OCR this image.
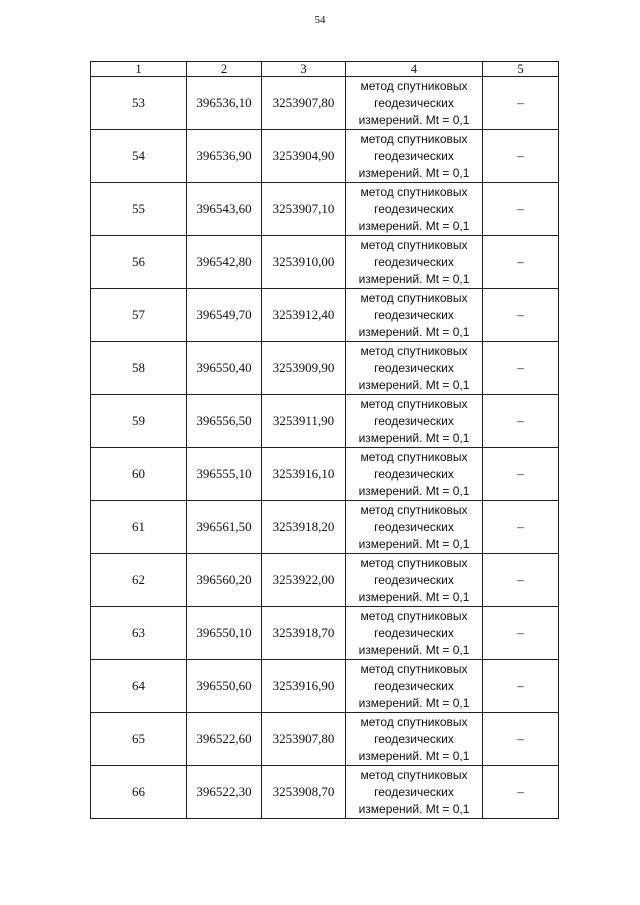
54
1	2	3	4	5
53	396536,10	3253907,80	метод спутниковых
геодезических
измерений. Mt = 0,1	–
54	396536,90	3253904,90	метод спутниковых
геодезических
измерений. Mt = 0,1	–
55	396543,60	3253907,10	метод спутниковых
геодезических
измерений. Mt = 0,1	–
56	396542,80	3253910,00	метод спутниковых
геодезических
измерений. Mt = 0,1	–
57	396549,70	3253912,40	метод спутниковых
геодезических
измерений. Mt = 0,1	–
58	396550,40	3253909,90	метод спутниковых
геодезических
измерений. Mt = 0,1	–
59	396556,50	3253911,90	метод спутниковых
геодезических
измерений. Mt = 0,1	–
60	396555,10	3253916,10	метод спутниковых
геодезических
измерений. Mt = 0,1	–
61	396561,50	3253918,20	метод спутниковых
геодезических
измерений. Mt = 0,1	–
62	396560,20	3253922,00	метод спутниковых
геодезических
измерений. Mt = 0,1	–
63	396550,10	3253918,70	метод спутниковых
геодезических
измерений. Mt = 0,1	–
64	396550,60	3253916,90	метод спутниковых
геодезических
измерений. Mt = 0,1	–
65	396522,60	3253907,80	метод спутниковых
геодезических
измерений. Mt = 0,1	–
66	396522,30	3253908,70	метод спутниковых
геодезических
измерений. Mt = 0,1	–
